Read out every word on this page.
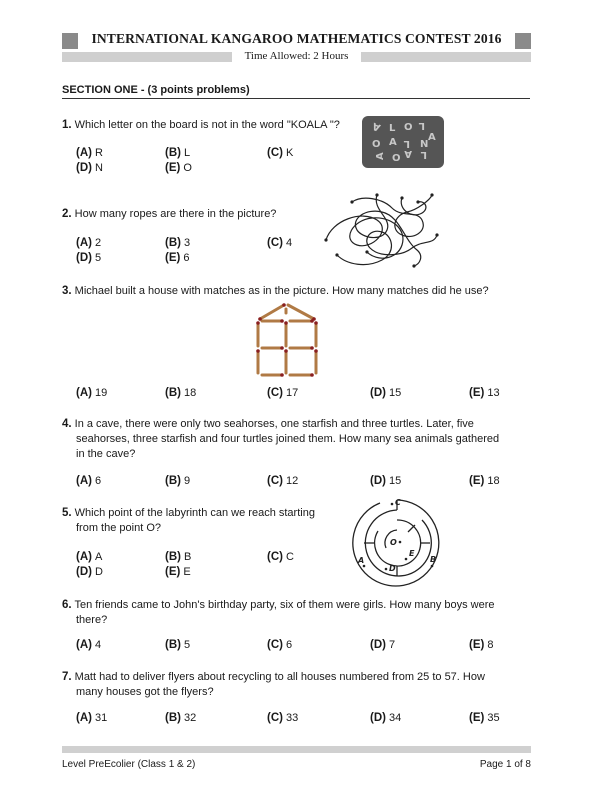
INTERNATIONAL KANGAROO MATHEMATICS CONTEST 2016
Time Allowed: 2 Hours
SECTION ONE - (3 points problems)
1. Which letter on the board is not in the word "KOALA "?
(A) R	(B) L	(C) K
(D) N	(E) O
A L O L
A
O A L N
A O A L
2. How many ropes are there in the picture?
(A) 2	(B) 3	(C) 4
(D) 5	(E) 6
3. Michael built a house with matches as in the picture. How many matches did he use?
(A) 19	(B) 18	(C) 17	(D) 15	(E) 13
4. In a cave, there were only two seahorses, one starfish and three turtles. Later, five
seahorses, three starfish and four turtles joined them. How many sea animals gathered
in the cave?
(A) 6	(B) 9	(C) 12	(D) 15	(E) 18
5. Which point of the labyrinth can we reach starting
from the point O?
(A) A	(B) B	(C) C
(D) D	(E) E
C
O
E
A
D
B
6. Ten friends came to John's birthday party, six of them were girls. How many boys were
there?
(A) 4	(B) 5	(C) 6	(D) 7	(E) 8
7. Matt had to deliver flyers about recycling to all houses numbered from 25 to 57. How
many houses got the flyers?
(A) 31	(B) 32	(C) 33	(D) 34	(E) 35
Level PreEcolier (Class 1 & 2)	Page 1 of 8
